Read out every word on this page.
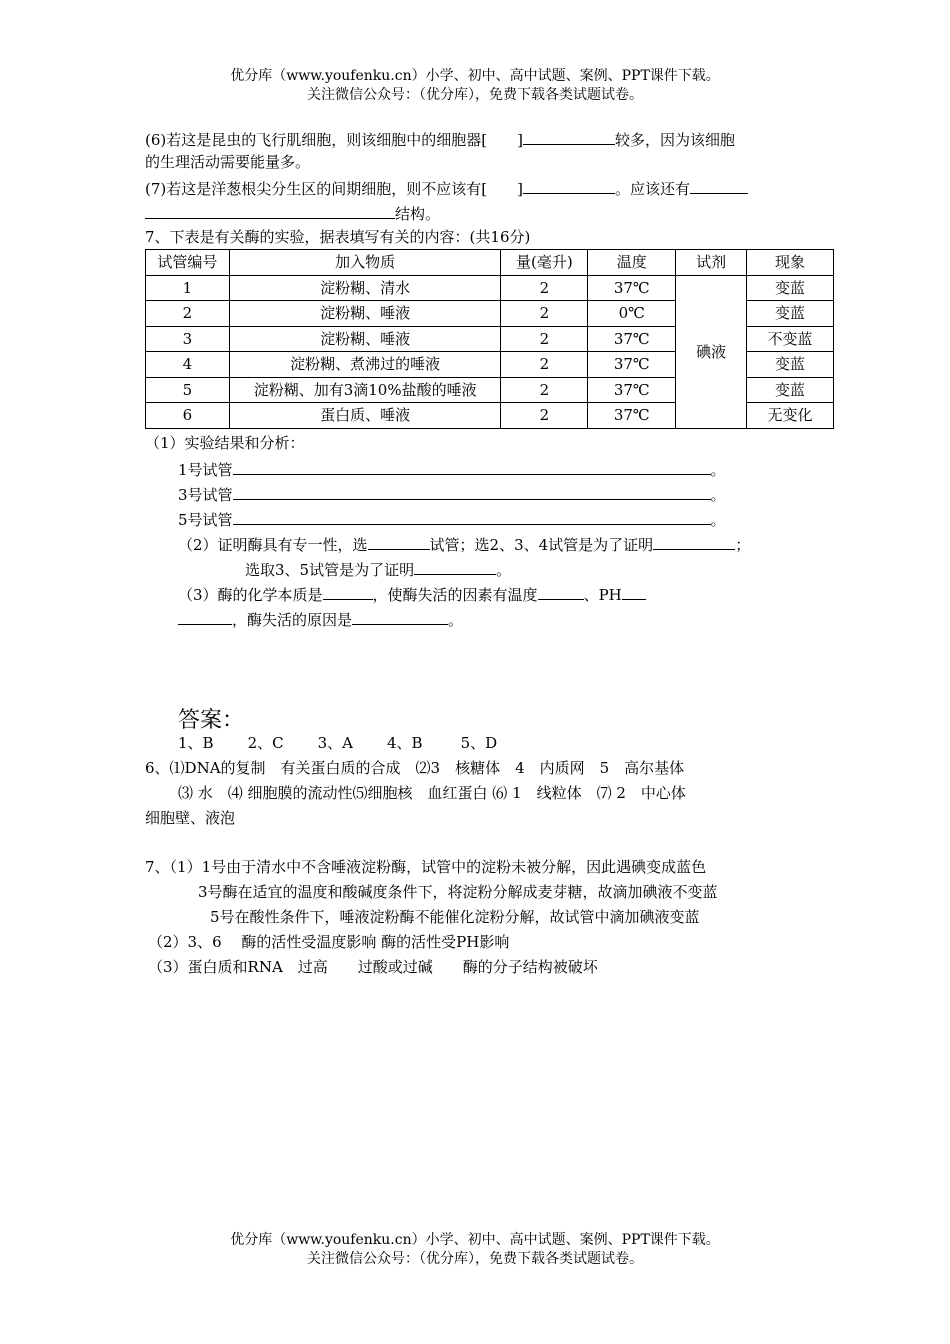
优分库（www.youfenku.cn）小学、初中、高中试题、案例、PPT课件下载。
关注微信公众号：（优分库），免费下载各类试题试卷。
(6)若这是昆虫的飞行肌细胞，则该细胞中的细胞器[ ]	较多，因为该细胞
的生理活动需要能量多。
(7)若这是洋葱根尖分生区的间期细胞，则不应该有[ ]	。应该还有
结构。
7、下表是有关酶的实验，据表填写有关的内容：(共16分)
试管编号	加入物质	量(毫升)	温度	试剂	现象
1	淀粉糊、清水	2	37℃	碘液	变蓝
2	淀粉糊、唾液	2	0℃		变蓝
3	淀粉糊、唾液	2	37℃		不变蓝
4	淀粉糊、煮沸过的唾液	2	37℃		变蓝
5	淀粉糊、加有3滴10%盐酸的唾液	2	37℃		变蓝
6	蛋白质、唾液	2	37℃		无变化
（1）实验结果和分析：
1号试管	。
3号试管	。
5号试管	。
（2）证明酶具有专一性，选	试管；选2、3、4试管是为了证明	；
选取3、5试管是为了证明	。
（3）酶的化学本质是	，使酶失活的因素有温度	、PH
，酶失活的原因是	。
答案：
1、B 2、C 3、A 4、B	5、D
6、⑴DNA的复制　有关蛋白质的合成　⑵3　核糖体　4　内质网　5　高尔基体
⑶ 水　⑷ 细胞膜的流动性⑸细胞核　血红蛋白 ⑹ 1　线粒体　⑺ 2　中心体
细胞壁、液泡
7、（1）1号由于清水中不含唾液淀粉酶，试管中的淀粉未被分解，因此遇碘变成蓝色
3号酶在适宜的温度和酸碱度条件下，将淀粉分解成麦芽糖，故滴加碘液不变蓝
5号在酸性条件下，唾液淀粉酶不能催化淀粉分解，故试管中滴加碘液变蓝
（2）3、6　 酶的活性受温度影响 酶的活性受PH影响
（3）蛋白质和RNA　过高　　过酸或过碱　　酶的分子结构被破坏
优分库（www.youfenku.cn）小学、初中、高中试题、案例、PPT课件下载。
关注微信公众号：（优分库），免费下载各类试题试卷。
